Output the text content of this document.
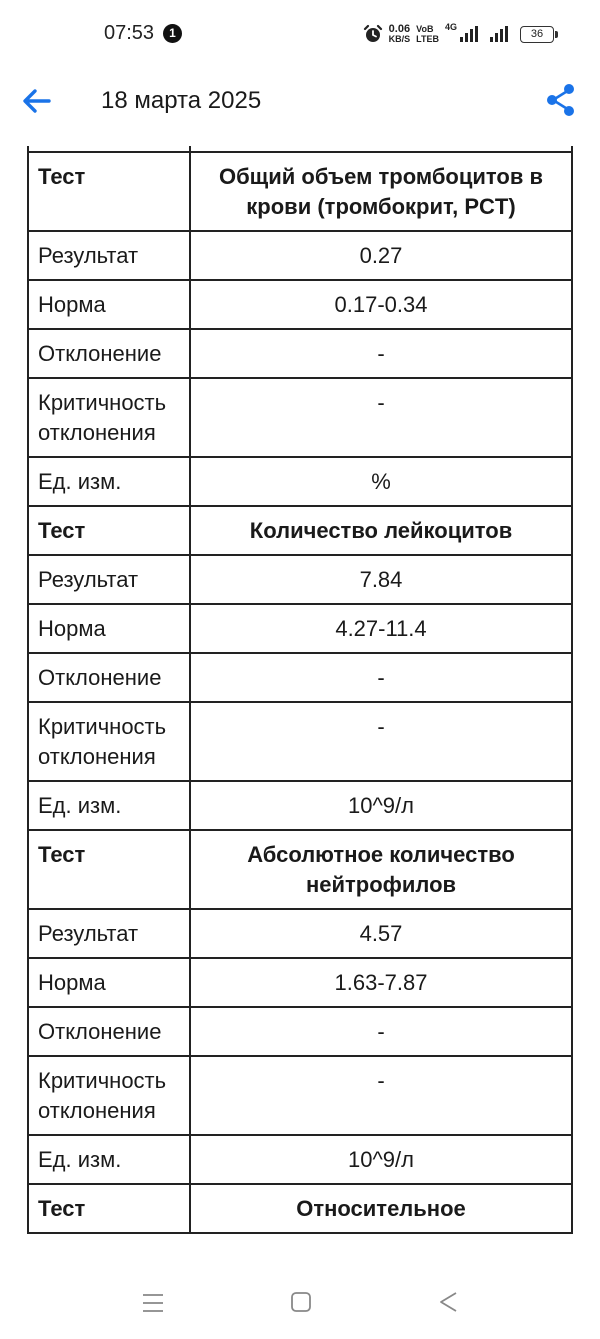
07:53	1	0.06
KB/S
VoB
LTEB
4G
36
18 марта 2025

Тест	Общий объем тромбоцитов в крови (тромбокрит, PCT)
Результат	0.27
Норма	0.17-0.34
Отклонение	-
Критичность отклонения	-
Ед. изм.	%
Тест	Количество лейкоцитов
Результат	7.84
Норма	4.27-11.4
Отклонение	-
Критичность отклонения	-
Ед. изм.	10^9/л
Тест	Абсолютное количество нейтрофилов
Результат	4.57
Норма	1.63-7.87
Отклонение	-
Критичность отклонения	-
Ед. изм.	10^9/л
Тест	Относительное
